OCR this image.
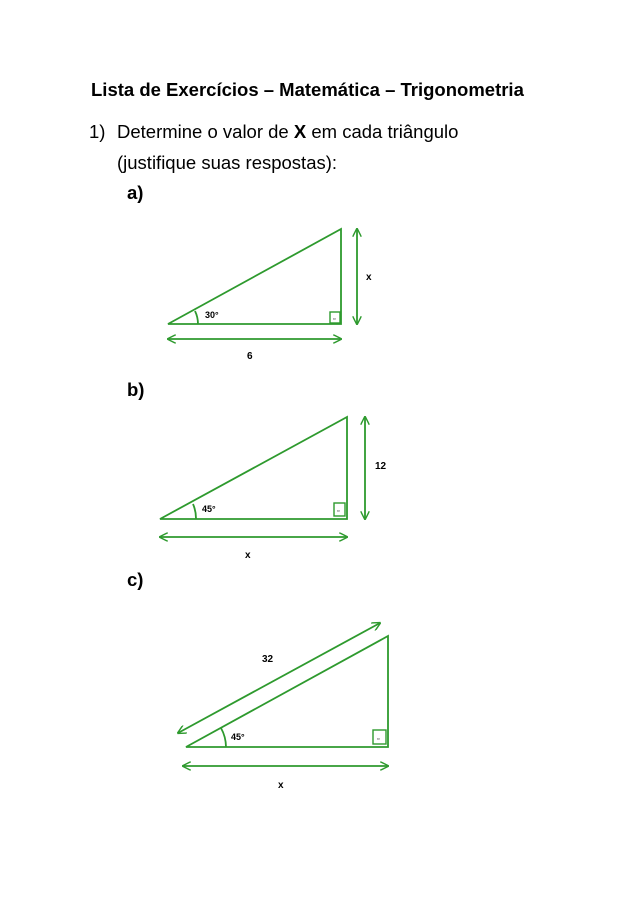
Lista de Exercícios – Matemática – Trigonometria
1) Determine o valor de X em cada triângulo
(justifique suas respostas):
a)
b)
c)
30°
x
6
▫
45°
12
x
▫
45°
32
x
▫
